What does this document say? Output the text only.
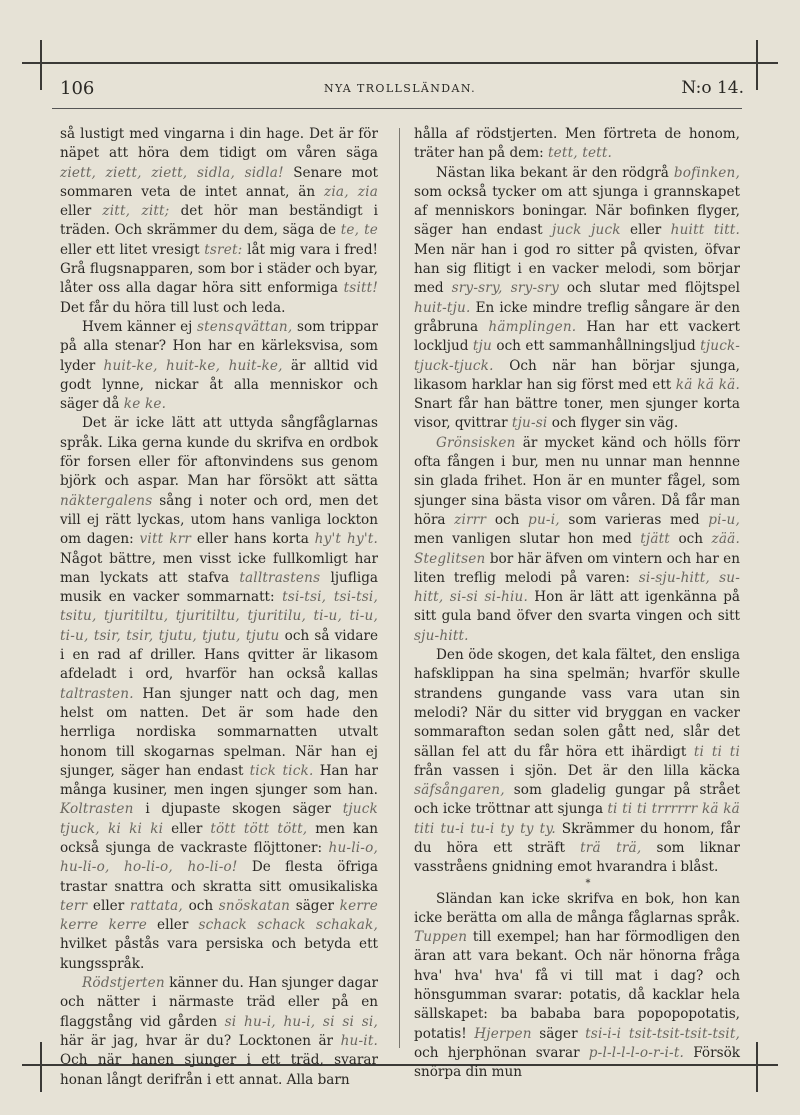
106	NYA TROLLSLÄNDAN.	N:o 14.

så lustigt med vingarna i din hage. Det är för näpet att höra dem tidigt om våren säga ziett, ziett, ziett, sidla, sidla! Senare mot sommaren veta de intet annat, än zia, zia eller zitt, zitt; det hör man beständigt i träden. Och skrämmer du dem, säga de te, te eller ett litet vresigt tsret: låt mig vara i fred! Grå flugsnapparen, som bor i städer och byar, låter oss alla dagar höra sitt enformiga tsitt! Det får du höra till lust och leda.

Hvem känner ej stensqvättan, som trippar på alla stenar? Hon har en kärleksvisa, som lyder huit-ke, huit-ke, huit-ke, är alltid vid godt lynne, nickar åt alla menniskor och säger då ke ke.

Det är icke lätt att uttyda sångfåglarnas språk. Lika gerna kunde du skrifva en ordbok för forsen eller för aftonvindens sus genom björk och aspar. Man har försökt att sätta näktergalens sång i noter och ord, men det vill ej rätt lyckas, utom hans vanliga lockton om dagen: vitt krr eller hans korta hy't hy't. Något bättre, men visst icke fullkomligt har man lyckats att stafva talltrastens ljufliga musik en vacker sommarnatt: tsi-tsi, tsi-tsi, tsitu, tjuritiltu, tjuritiltu, tjuritilu, ti-u, ti-u, ti-u, tsir, tsir, tjutu, tjutu, tjutu och så vidare i en rad af driller. Hans qvitter är likasom afdeladt i ord, hvarför han också kallas taltrasten. Han sjunger natt och dag, men helst om natten. Det är som hade den herrliga nordiska sommarnatten utvalt honom till skogarnas spelman. När han ej sjunger, säger han endast tick tick. Han har många kusiner, men ingen sjunger som han. Koltrasten i djupaste skogen säger tjuck tjuck, ki ki ki eller tött tött tött, men kan också sjunga de vackraste flöjttoner: hu-li-o, hu-li-o, ho-li-o, ho-li-o! De flesta öfriga trastar snattra och skratta sitt omusikaliska terr eller rattata, och snöskatan säger kerre kerre kerre eller schack schack schakak, hvilket påstås vara persiska och betyda ett kungsspråk.

Rödstjerten känner du. Han sjunger dagar och nätter i närmaste träd eller på en flaggstång vid gården si hu-i, hu-i, si si si, här är jag, hvar är du? Locktonen är hu-it. Och när hanen sjunger i ett träd, svarar honan långt derifrån i ett annat. Alla barn

hålla af rödstjerten. Men förtreta de honom, träter han på dem: tett, tett.

Nästan lika bekant är den rödgrå bofinken, som också tycker om att sjunga i grannskapet af menniskors boningar. När bofinken flyger, säger han endast juck juck eller huitt titt. Men när han i god ro sitter på qvisten, öfvar han sig flitigt i en vacker melodi, som börjar med sry-sry, sry-sry och slutar med flöjtspel huit-tju. En icke mindre treflig sångare är den gråbruna hämplingen. Han har ett vackert lockljud tju och ett sammanhållningsljud tjuck-tjuck-tjuck. Och när han börjar sjunga, likasom harklar han sig först med ett kä kä kä. Snart får han bättre toner, men sjunger korta visor, qvittrar tju-si och flyger sin väg.

Grönsisken är mycket känd och hölls förr ofta fången i bur, men nu unnar man hennne sin glada frihet. Hon är en munter fågel, som sjunger sina bästa visor om våren. Då får man höra zirrr och pu-i, som varieras med pi-u, men vanligen slutar hon med tjätt och zää. Steglitsen bor här äfven om vintern och har en liten treflig melodi på varen: si-sju-hitt, su-hitt, si-si si-hiu. Hon är lätt att igenkänna på sitt gula band öfver den svarta vingen och sitt sju-hitt.

Den öde skogen, det kala fältet, den ensliga hafsklippan ha sina spelmän; hvarför skulle strandens gungande vass vara utan sin melodi? När du sitter vid bryggan en vacker sommarafton sedan solen gått ned, slår det sällan fel att du får höra ett ihärdigt ti ti ti från vassen i sjön. Det är den lilla käcka säfsångaren, som gladelig gungar på strået och icke tröttnar att sjunga ti ti ti trrrrrr kä kä titi tu-i tu-i ty ty ty. Skrämmer du honom, får du höra ett sträft trä trä, som liknar vasstråens gnidning emot hvarandra i blåst.

*

Sländan kan icke skrifva en bok, hon kan icke berätta om alla de många fåglarnas språk. Tuppen till exempel; han har förmodligen den äran att vara bekant. Och när hönorna fråga hva' hva' hva' få vi till mat i dag? och hönsgumman svarar: potatis, då kacklar hela sällskapet: ba bababa bara popopopotatis, potatis! Hjerpen säger tsi-i-i tsit-tsit-tsit-tsit, och hjerphönan svarar p-l-l-l-l-o-r-i-t. Försök snörpa din mun
